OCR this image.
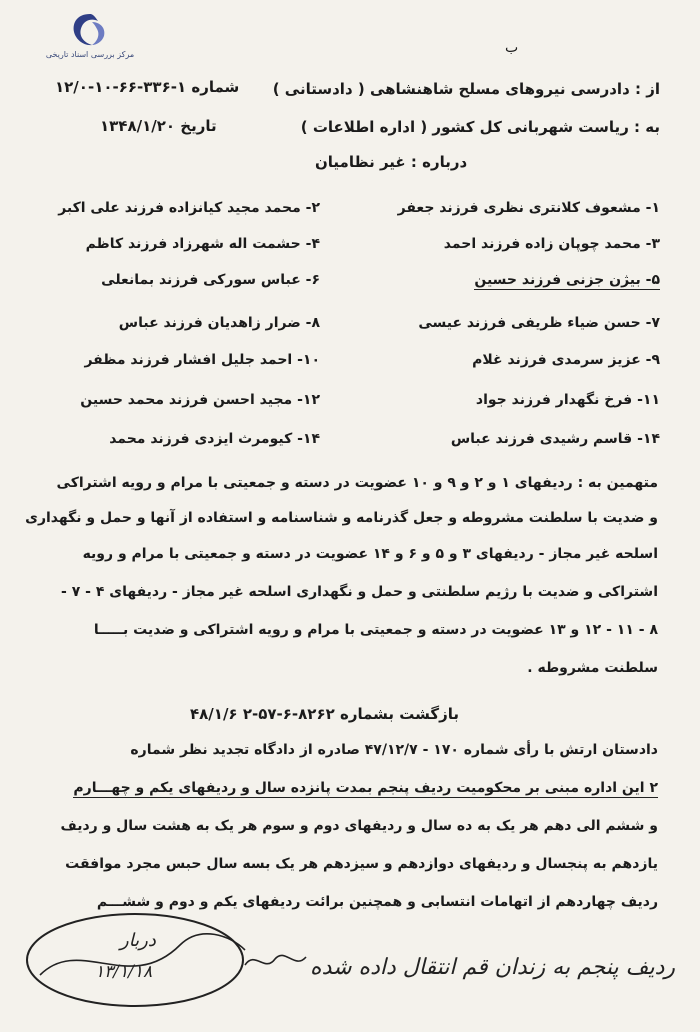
مرکز بررسی اسناد تاریخی	ب
از : دادرسی نیروهای مسلح شاهنشاهی ( دادستانی )
شماره ۱-۳۳۶-۶۶-۱۰-۱۲/۰
به : ریاست شهربانی کل کشور ( اداره اطلاعات )
تاریخ ۱۳۴۸/۱/۲۰
درباره : غیر نظامیان
۱- مشعوف کلانتری نظری فرزند جعفر
۲- محمد مجید کیانزاده فرزند علی اکبر
۳- محمد چوپان زاده فرزند احمد
۴- حشمت اله شهرزاد فرزند کاظم
۵- بیژن جزنی فرزند حسین
۶- عباس سورکی فرزند بمانعلی
۷- حسن ضیاء ظریفی فرزند عیسی
۸- ضرار زاهدیان فرزند عباس
۹- عزیز سرمدی فرزند غلام
۱۰- احمد جلیل افشار فرزند مظفر
۱۱- فرخ نگهدار فرزند جواد
۱۲- مجید احسن فرزند محمد حسین
۱۴- قاسم رشیدی فرزند عباس
۱۴- کیومرث ایزدی فرزند محمد
متهمین به : ردیفهای ۱ و ۲ و ۹ و ۱۰ عضویت در دسته و جمعیتی با مرام و رویه اشتراکی
و ضدیت با سلطنت مشروطه و جعل گذرنامه و شناسنامه و استفاده از آنها و حمل و نگهداری
اسلحه غیر مجاز - ردیفهای ۳ و ۵ و ۶ و ۱۴ عضویت در دسته و جمعیتی با مرام و رویه
اشتراکی و ضدیت با رژیم سلطنتی و حمل و نگهداری اسلحه غیر مجاز - ردیفهای ۴ - ۷ -
۸ - ۱۱ - ۱۲ و ۱۳ عضویت در دسته و جمعیتی با مرام و رویه اشتراکی و ضدیت بـــــا
سلطنت مشروطه .
بازگشت بشماره ۸۲۶۲-۶-۵۷-۲ ۴۸/۱/۶
دادستان ارتش با رأی شماره ۱۷۰ - ۴۷/۱۲/۷ صادره از دادگاه تجدید نظر شماره
۲ این اداره مبنی بر محکومیت ردیف پنجم بمدت پانزده سال و ردیفهای یکم و چهـــارم
و ششم الی دهم هر یک به ده سال و ردیفهای دوم و سوم هر یک به هشت سال و ردیف
یازدهم به پنجسال و ردیفهای دوازدهم و سیزدهم هر یک بسه سال حبس مجرد موافقت
ردیف چهاردهم از اتهامات انتسابی و همچنین برائت ردیفهای یکم و دوم و ششـــم
دربار
۱۳/۱/۱۸	ردیف پنجم به زندان قم انتقال داده شده
